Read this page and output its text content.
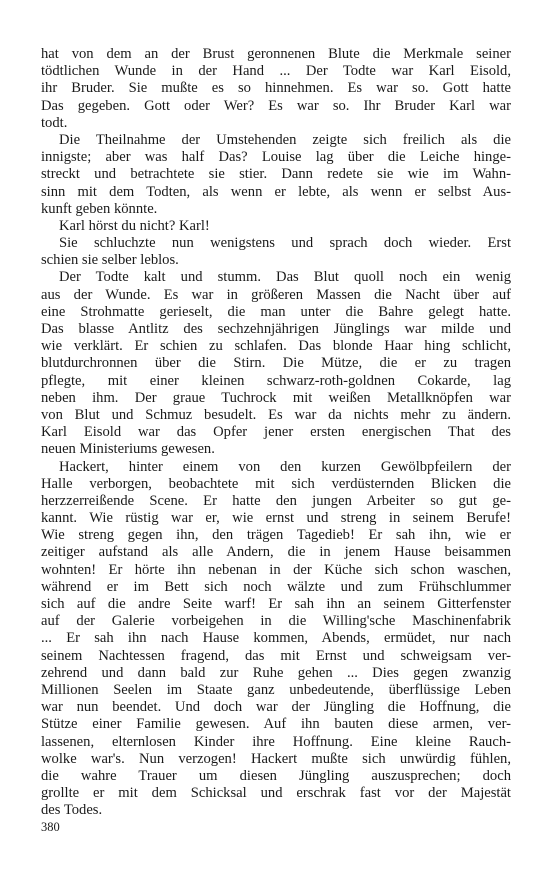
hat von dem an der Brust geronnenen Blute die Merkmale seiner
tödtlichen Wunde in der Hand ... Der Todte war Karl Eisold,
ihr Bruder. Sie mußte es so hinnehmen. Es war so. Gott hatte
Das gegeben. Gott oder Wer? Es war so. Ihr Bruder Karl war
todt.
Die Theilnahme der Umstehenden zeigte sich freilich als die
innigste; aber was half Das? Louise lag über die Leiche hinge-
streckt und betrachtete sie stier. Dann redete sie wie im Wahn-
sinn mit dem Todten, als wenn er lebte, als wenn er selbst Aus-
kunft geben könnte.
Karl hörst du nicht? Karl!
Sie schluchzte nun wenigstens und sprach doch wieder. Erst
schien sie selber leblos.
Der Todte kalt und stumm. Das Blut quoll noch ein wenig
aus der Wunde. Es war in größeren Massen die Nacht über auf
eine Strohmatte gerieselt, die man unter die Bahre gelegt hatte.
Das blasse Antlitz des sechzehnjährigen Jünglings war milde und
wie verklärt. Er schien zu schlafen. Das blonde Haar hing schlicht,
blutdurchronnen über die Stirn. Die Mütze, die er zu tragen
pflegte, mit einer kleinen schwarz-roth-goldnen Cokarde, lag
neben ihm. Der graue Tuchrock mit weißen Metallknöpfen war
von Blut und Schmuz besudelt. Es war da nichts mehr zu ändern.
Karl Eisold war das Opfer jener ersten energischen That des
neuen Ministeriums gewesen.
Hackert, hinter einem von den kurzen Gewölbpfeilern der
Halle verborgen, beobachtete mit sich verdüsternden Blicken die
herzzerreißende Scene. Er hatte den jungen Arbeiter so gut ge-
kannt. Wie rüstig war er, wie ernst und streng in seinem Berufe!
Wie streng gegen ihn, den trägen Tagedieb! Er sah ihn, wie er
zeitiger aufstand als alle Andern, die in jenem Hause beisammen
wohnten! Er hörte ihn nebenan in der Küche sich schon waschen,
während er im Bett sich noch wälzte und zum Frühschlummer
sich auf die andre Seite warf! Er sah ihn an seinem Gitterfenster
auf der Galerie vorbeigehen in die Willing'sche Maschinenfabrik
... Er sah ihn nach Hause kommen, Abends, ermüdet, nur nach
seinem Nachtessen fragend, das mit Ernst und schweigsam ver-
zehrend und dann bald zur Ruhe gehen ... Dies gegen zwanzig
Millionen Seelen im Staate ganz unbedeutende, überflüssige Leben
war nun beendet. Und doch war der Jüngling die Hoffnung, die
Stütze einer Familie gewesen. Auf ihn bauten diese armen, ver-
lassenen, elternlosen Kinder ihre Hoffnung. Eine kleine Rauch-
wolke war's. Nun verzogen! Hackert mußte sich unwürdig fühlen,
die wahre Trauer um diesen Jüngling auszusprechen; doch
grollte er mit dem Schicksal und erschrak fast vor der Majestät
des Todes.
380
